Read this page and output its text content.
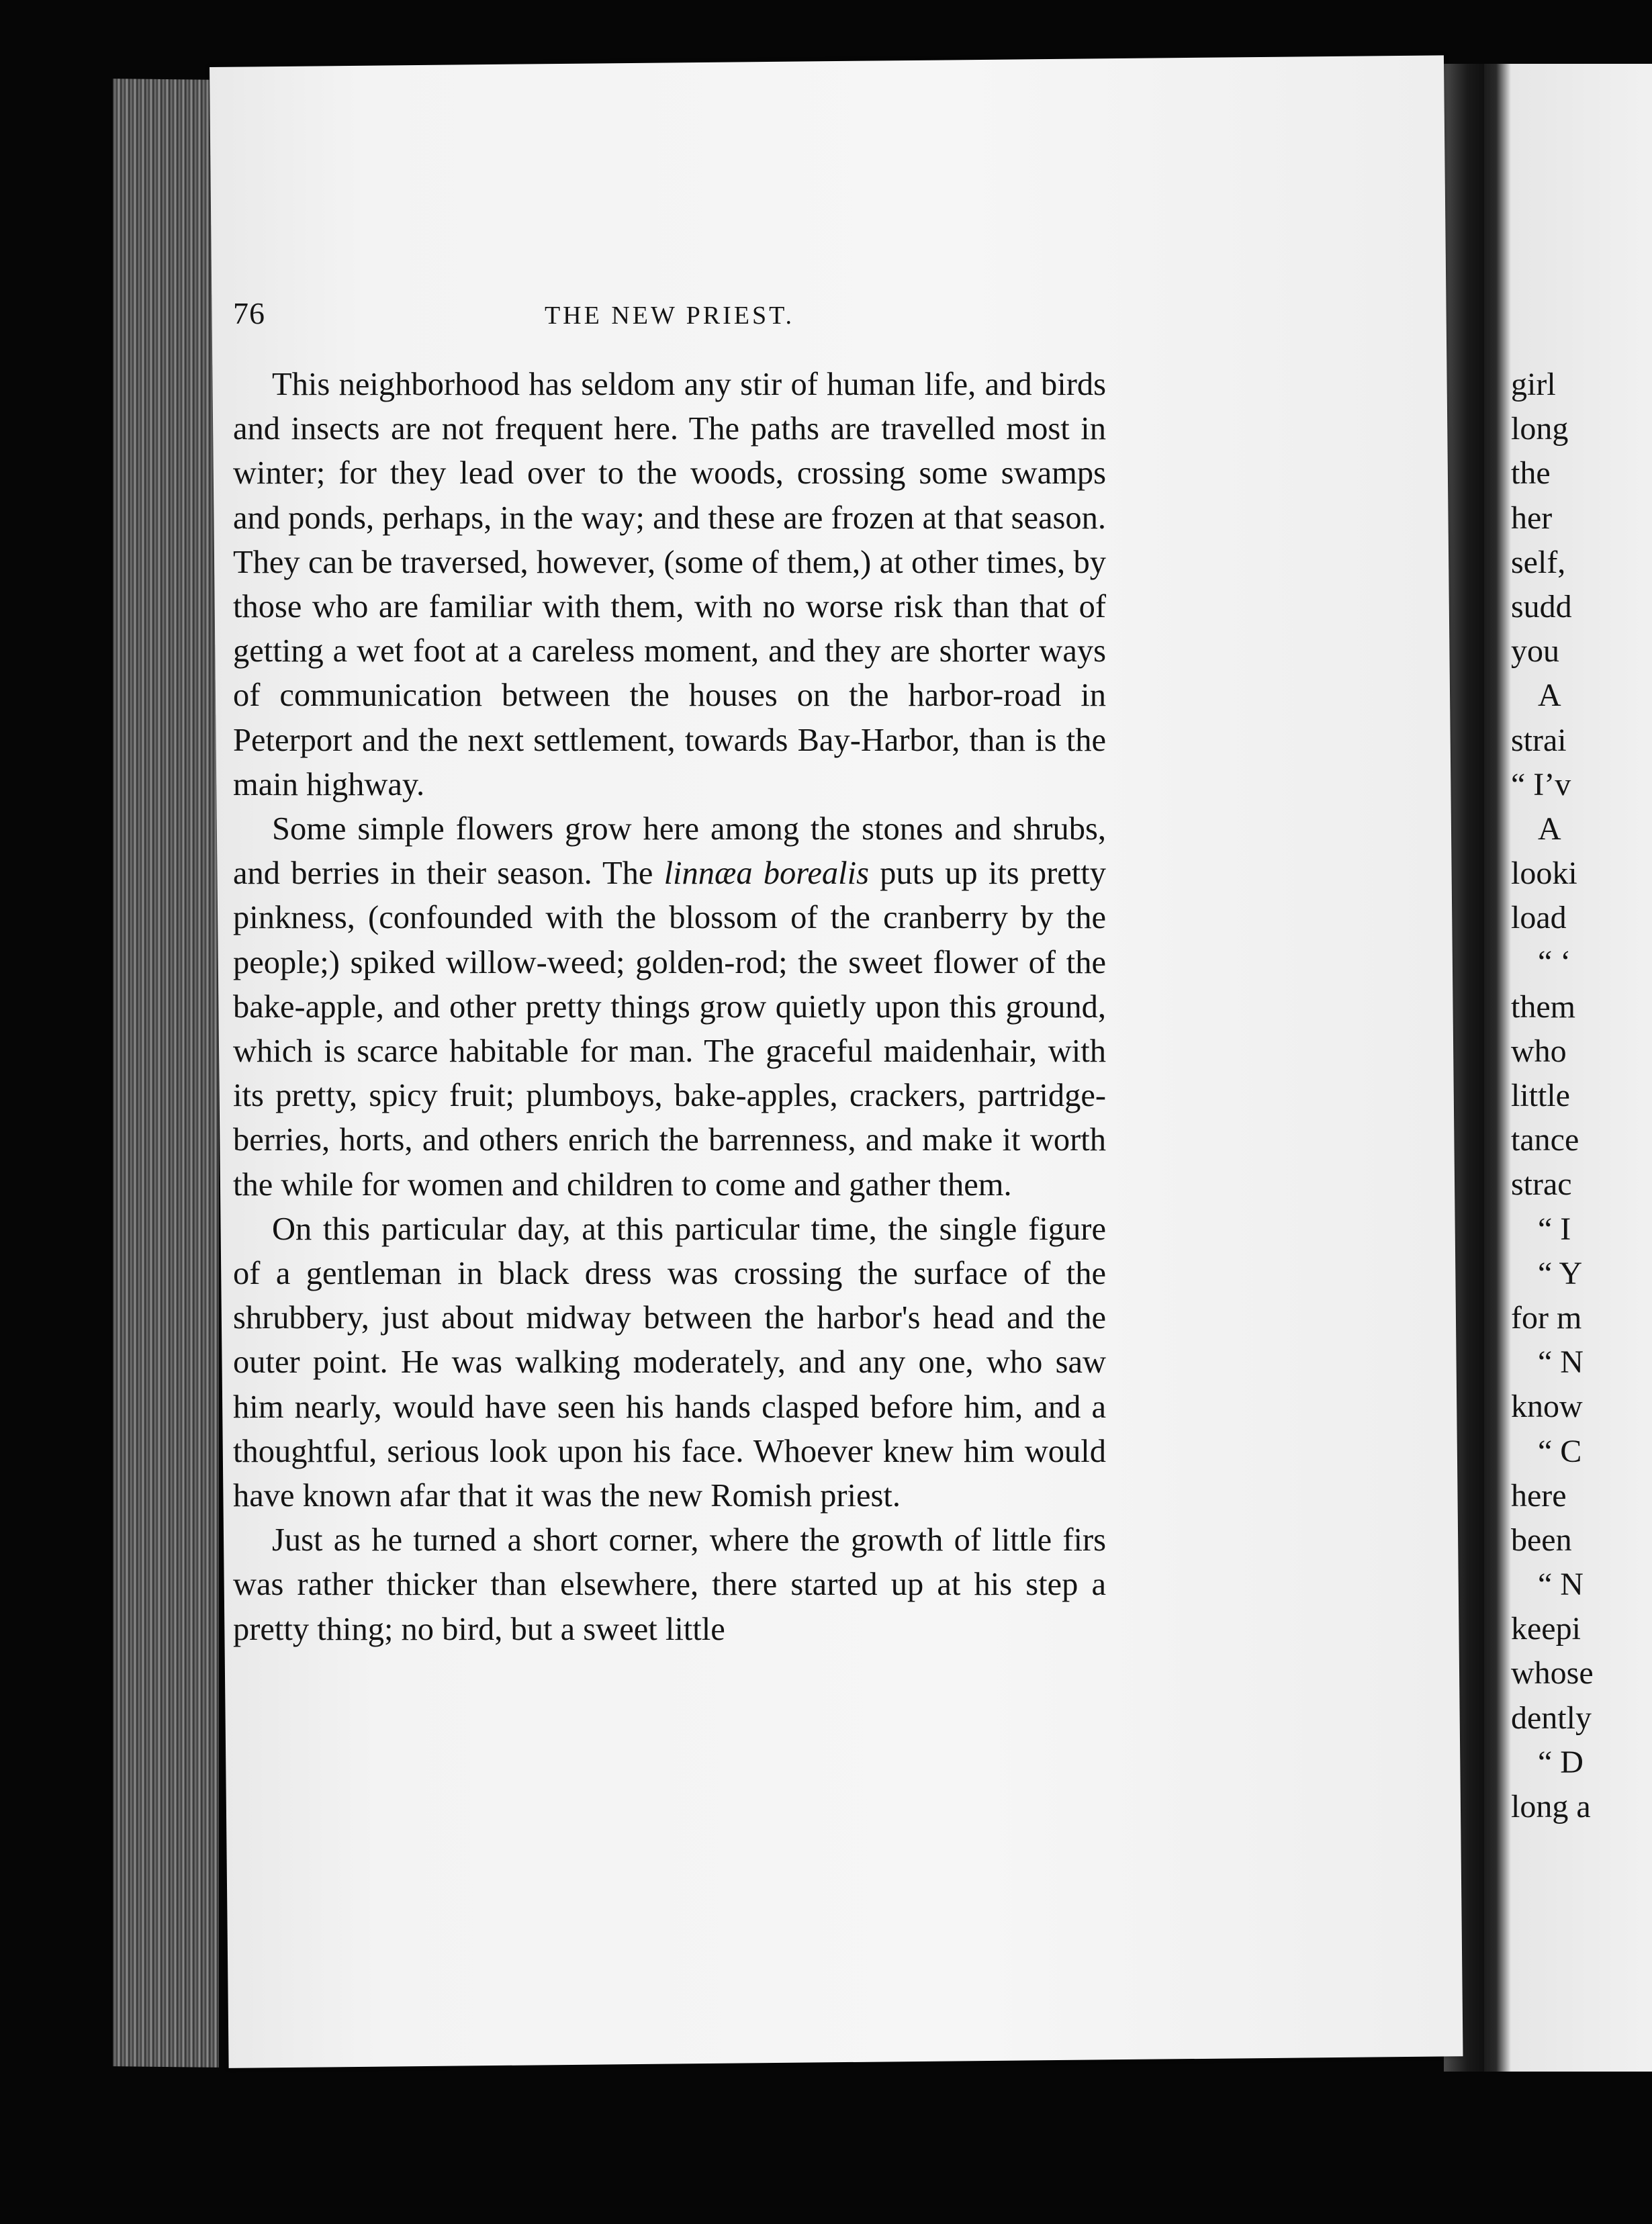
girl
long
the
her
self,
sudd
you
A
strai
“ I’v
A
looki
load
“ ‘
them
who
little
tance
strac
“ I
“ Y
for m
“ N
know
“ C
here
been
“ N
keepi
whose
dently
“ D
long a
76	THE NEW PRIEST.

This neighborhood has seldom any stir of human life, and birds and insects are not frequent here. The paths are travelled most in winter; for they lead over to the woods, crossing some swamps and ponds, perhaps, in the way; and these are frozen at that season. They can be traversed, however, (some of them,) at other times, by those who are familiar with them, with no worse risk than that of getting a wet foot at a careless moment, and they are shorter ways of communication between the houses on the harbor-road in Peterport and the next settlement, towards Bay-Harbor, than is the main highway.

Some simple flowers grow here among the stones and shrubs, and berries in their season. The linnæa borealis puts up its pretty pinkness, (confounded with the blossom of the cranberry by the people;) spiked willow-weed; golden-rod; the sweet flower of the bake-apple, and other pretty things grow quietly upon this ground, which is scarce habitable for man. The graceful maidenhair, with its pretty, spicy fruit; plumboys, bake-apples, crackers, partridge-berries, horts, and others enrich the barrenness, and make it worth the while for women and children to come and gather them.

On this particular day, at this particular time, the single figure of a gentleman in black dress was crossing the surface of the shrubbery, just about midway between the harbor's head and the outer point. He was walking moderately, and any one, who saw him nearly, would have seen his hands clasped before him, and a thoughtful, serious look upon his face. Whoever knew him would have known afar that it was the new Romish priest.

Just as he turned a short corner, where the growth of little firs was rather thicker than elsewhere, there started up at his step a pretty thing; no bird, but a sweet little
